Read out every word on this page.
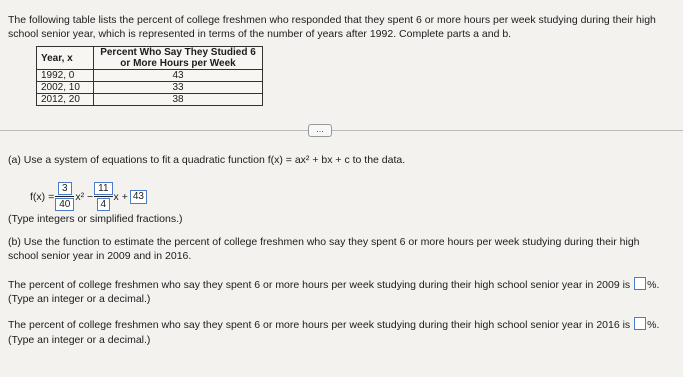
The following table lists the percent of college freshmen who responded that they spent 6 or more hours per week studying during their high school senior year, which is represented in terms of the number of years after 1992. Complete parts a and b.
Year, x	Percent Who Say They Studied 6 or More Hours per Week
1992, 0	43
2002, 10	33
2012, 20	38
...
(a) Use a system of equations to fit a quadratic function f(x) = ax² + bx + c to the data.
$f(x) = \frac{3}{40} x^2 - \frac{11}{4}$ x + 43
(Type integers or simplified fractions.)
(b) Use the function to estimate the percent of college freshmen who say they spent 6 or more hours per week studying during their high school senior year in 2009 and in 2016.
The percent of college freshmen who say they spent 6 or more hours per week studying during their high school senior year in 2009 is %.
(Type an integer or a decimal.)
The percent of college freshmen who say they spent 6 or more hours per week studying during their high school senior year in 2016 is %.
(Type an integer or a decimal.)
